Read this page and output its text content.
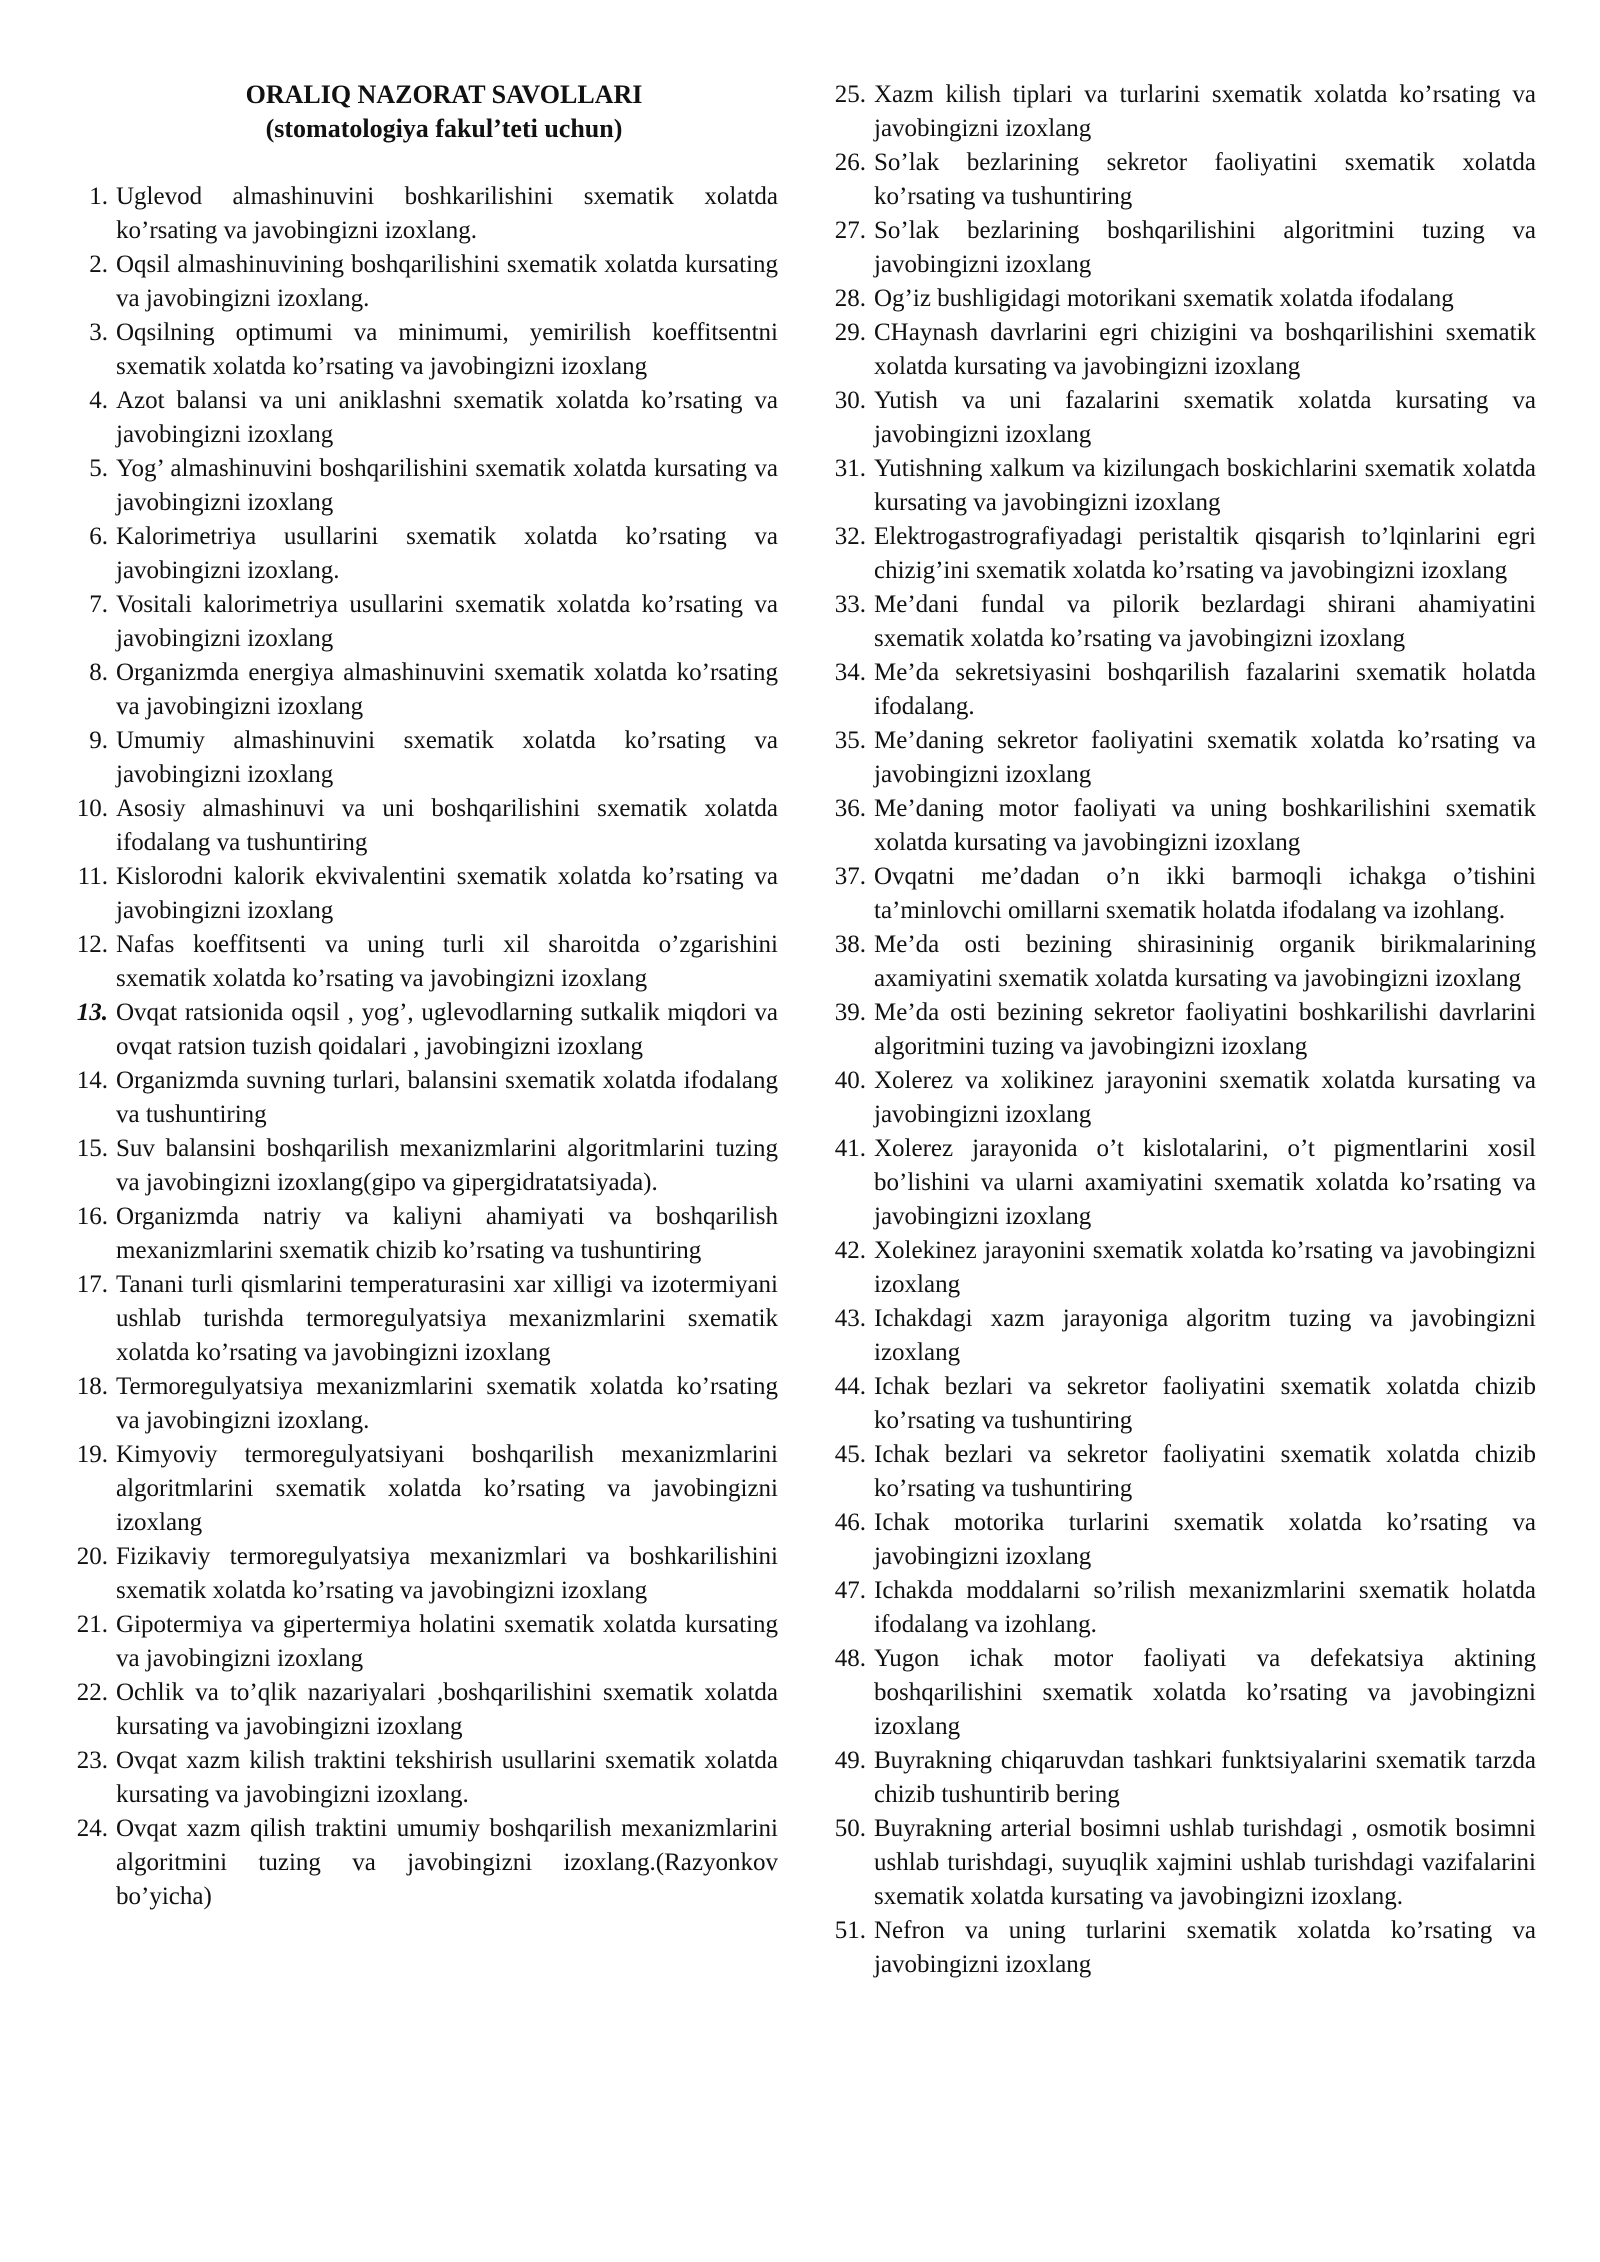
ORALIQ NAZORAT SAVOLLARI
(stomatologiya fakul’teti uchun)
1. Uglevod almashinuvini boshkarilishini sxematik xolatda ko’rsating va javobingizni izoxlang.
2. Oqsil almashinuvining boshqarilishini sxematik xolatda kursating va javobingizni izoxlang.
3. Oqsilning optimumi va minimumi, yemirilish koeffitsentni sxematik xolatda ko’rsating va javobingizni izoxlang
4. Azot balansi va uni aniklashni sxematik xolatda ko’rsating va javobingizni izoxlang
5. Yog’ almashinuvini boshqarilishini sxematik xolatda kursating va javobingizni izoxlang
6. Kalorimetriya usullarini sxematik xolatda ko’rsating va javobingizni izoxlang.
7. Vositali kalorimetriya usullarini sxematik xolatda ko’rsating va javobingizni izoxlang
8. Organizmda energiya almashinuvini sxematik xolatda ko’rsating va javobingizni izoxlang
9. Umumiy almashinuvini sxematik xolatda ko’rsating va javobingizni izoxlang
10. Asosiy almashinuvi va uni boshqarilishini sxematik xolatda ifodalang va tushuntiring
11. Kislorodni kalorik ekvivalentini sxematik xolatda ko’rsating va javobingizni izoxlang
12. Nafas koeffitsenti va uning turli xil sharoitda o’zgarishini sxematik xolatda ko’rsating va javobingizni izoxlang
13. Ovqat ratsionida oqsil , yog’, uglevodlarning sutkalik miqdori va ovqat ratsion tuzish qoidalari , javobingizni izoxlang
14. Organizmda suvning turlari, balansini sxematik xolatda ifodalang va tushuntiring
15. Suv balansini boshqarilish mexanizmlarini algoritmlarini tuzing va javobingizni izoxlang(gipo va gipergidratatsiyada).
16. Organizmda natriy va kaliyni ahamiyati va boshqarilish mexanizmlarini sxematik chizib ko’rsating va tushuntiring
17. Tanani turli qismlarini temperaturasini xar xilligi va izotermiyani ushlab turishda termoregulyatsiya mexanizmlarini sxematik xolatda ko’rsating va javobingizni izoxlang
18. Termoregulyatsiya mexanizmlarini sxematik xolatda ko’rsating va javobingizni izoxlang.
19. Kimyoviy termoregulyatsiyani boshqarilish mexanizmlarini algoritmlarini sxematik xolatda ko’rsating va javobingizni izoxlang
20. Fizikaviy termoregulyatsiya mexanizmlari va boshkarilishini sxematik xolatda ko’rsating va javobingizni izoxlang
21. Gipotermiya va gipertermiya holatini sxematik xolatda kursating va javobingizni izoxlang
22. Ochlik va to’qlik nazariyalari ,boshqarilishini sxematik xolatda kursating va javobingizni izoxlang
23. Ovqat xazm kilish traktini tekshirish usullarini sxematik xolatda kursating va javobingizni izoxlang.
24. Ovqat xazm qilish traktini umumiy boshqarilish mexanizmlarini algoritmini tuzing va javobingizni izoxlang.(Razyonkov bo’yicha)
25. Xazm kilish tiplari va turlarini sxematik xolatda ko’rsating va javobingizni izoxlang
26. So’lak bezlarining sekretor faoliyatini sxematik xolatda ko’rsating va tushuntiring
27. So’lak bezlarining boshqarilishini algoritmini tuzing va javobingizni izoxlang
28. Og’iz bushligidagi motorikani sxematik xolatda ifodalang
29. CHaynash davrlarini egri chizigini va boshqarilishini sxematik xolatda kursating va javobingizni izoxlang
30. Yutish va uni fazalarini sxematik xolatda kursating va javobingizni izoxlang
31. Yutishning xalkum va kizilungach boskichlarini sxematik xolatda kursating va javobingizni izoxlang
32. Elektrogastrografiyadagi peristaltik qisqarish to’lqinlarini egri chizig’ini sxematik xolatda ko’rsating va javobingizni izoxlang
33. Me’dani fundal va pilorik bezlardagi shirani ahamiyatini sxematik xolatda ko’rsating va javobingizni izoxlang
34. Me’da sekretsiyasini boshqarilish fazalarini sxematik holatda ifodalang.
35. Me’daning sekretor faoliyatini sxematik xolatda ko’rsating va javobingizni izoxlang
36. Me’daning motor faoliyati va uning boshkarilishini sxematik xolatda kursating va javobingizni izoxlang
37. Ovqatni me’dadan o’n ikki barmoqli ichakga o’tishini ta’minlovchi omillarni sxematik holatda ifodalang va izohlang.
38. Me’da osti bezining shirasininig organik birikmalarining axamiyatini sxematik xolatda kursating va javobingizni izoxlang
39. Me’da osti bezining sekretor faoliyatini boshkarilishi davrlarini algoritmini tuzing va javobingizni izoxlang
40. Xolerez va xolikinez jarayonini sxematik xolatda kursating va javobingizni izoxlang
41. Xolerez jarayonida o’t kislotalarini, o’t pigmentlarini xosil bo’lishini va ularni axamiyatini sxematik xolatda ko’rsating va javobingizni izoxlang
42. Xolekinez jarayonini sxematik xolatda ko’rsating va javobingizni izoxlang
43. Ichakdagi xazm jarayoniga algoritm tuzing va javobingizni izoxlang
44. Ichak bezlari va sekretor faoliyatini sxematik xolatda chizib ko’rsating va tushuntiring
45. Ichak bezlari va sekretor faoliyatini sxematik xolatda chizib ko’rsating va tushuntiring
46. Ichak motorika turlarini sxematik xolatda ko’rsating va javobingizni izoxlang
47. Ichakda moddalarni so’rilish mexanizmlarini sxematik holatda ifodalang va izohlang.
48. Yugon ichak motor faoliyati va defekatsiya aktining boshqarilishini sxematik xolatda ko’rsating va javobingizni izoxlang
49. Buyrakning chiqaruvdan tashkari funktsiyalarini sxematik tarzda chizib tushuntirib bering
50. Buyrakning arterial bosimni ushlab turishdagi , osmotik bosimni ushlab turishdagi, suyuqlik xajmini ushlab turishdagi vazifalarini sxematik xolatda kursating va javobingizni izoxlang.
51. Nefron va uning turlarini sxematik xolatda ko’rsating va javobingizni izoxlang
